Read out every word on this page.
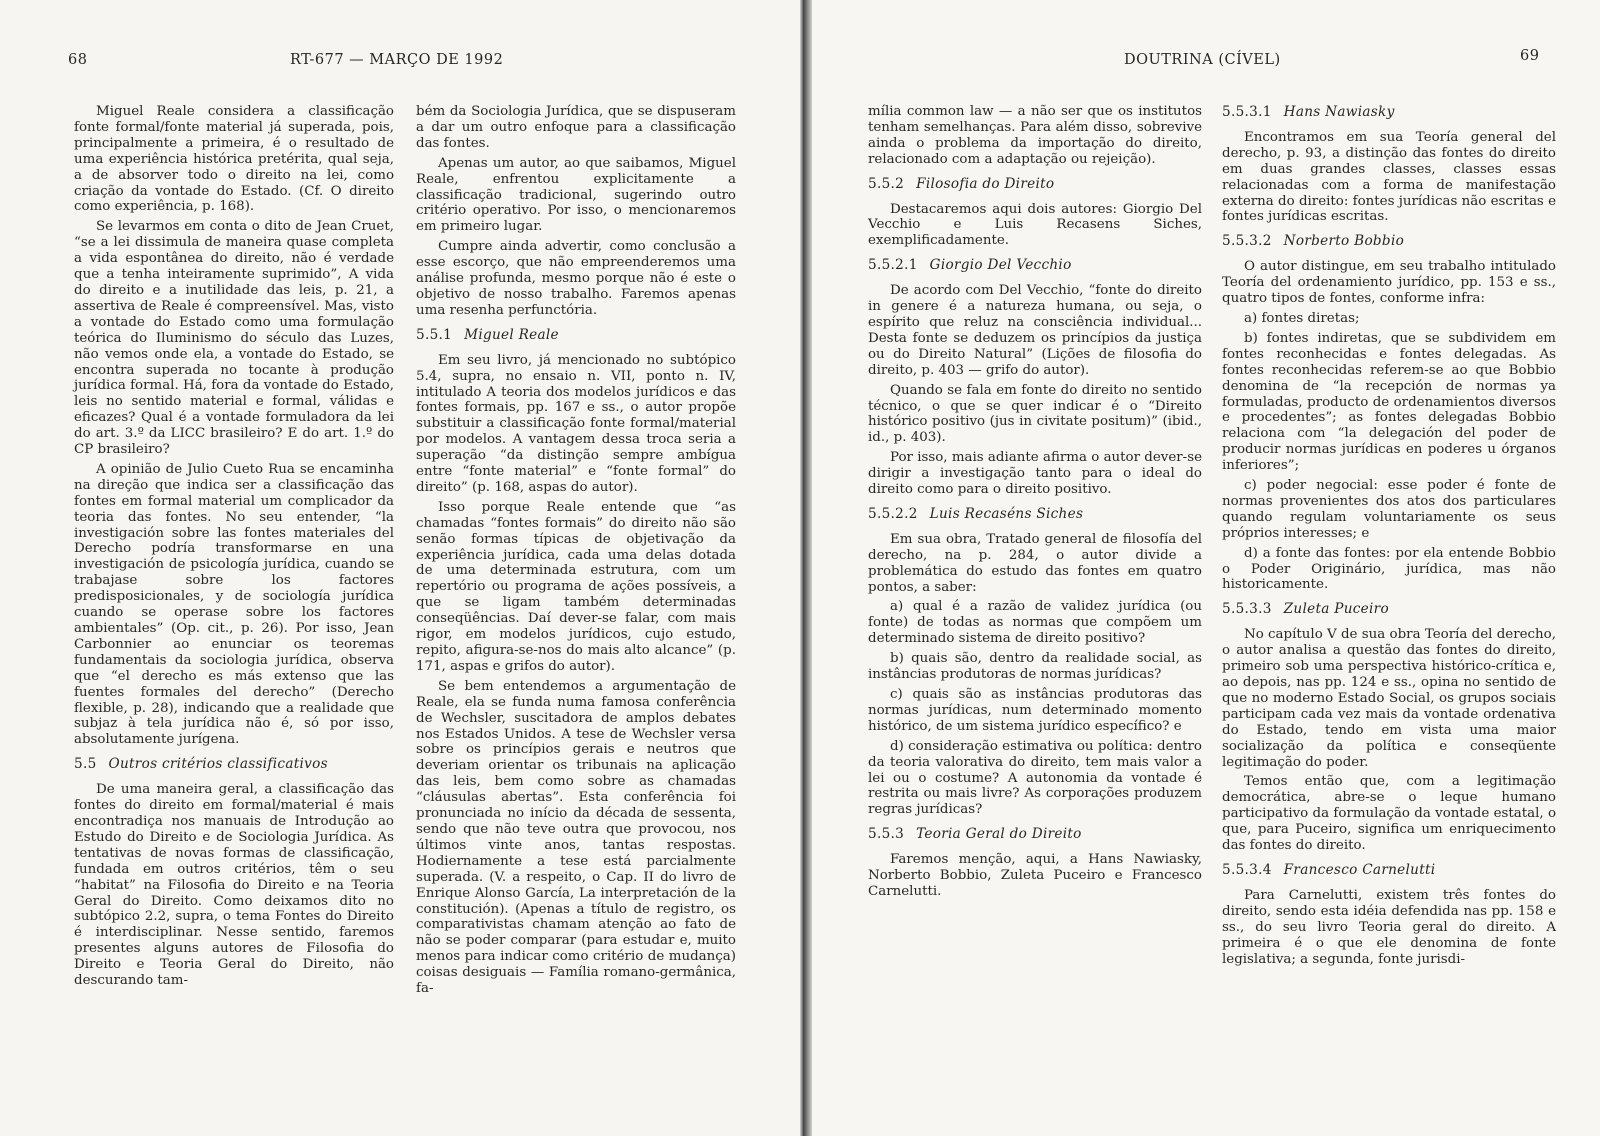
68	RT-677 — MARÇO DE 1992

Miguel Reale considera a classificação fonte formal/fonte material já superada, pois, principalmente a primeira, é o resultado de uma experiência histórica pretérita, qual seja, a de absorver todo o direito na lei, como criação da vontade do Estado. (Cf. O direito como experiência, p. 168).

Se levarmos em conta o dito de Jean Cruet, “se a lei dissimula de maneira quase completa a vida espontânea do direito, não é verdade que a tenha inteiramente suprimido”, A vida do direito e a inutilidade das leis, p. 21, a assertiva de Reale é compreensível. Mas, visto a vontade do Estado como uma formulação teórica do Iluminismo do século das Luzes, não vemos onde ela, a vontade do Estado, se encontra superada no tocante à produção jurídica formal. Há, fora da vontade do Estado, leis no sentido material e formal, válidas e eficazes? Qual é a vontade formuladora da lei do art. 3.º da LICC brasileiro? E do art. 1.º do CP brasileiro?

A opinião de Julio Cueto Rua se encaminha na direção que indica ser a classificação das fontes em formal material um complicador da teoria das fontes. No seu entender, “la investigación sobre las fontes materiales del Derecho podría transformarse en una investigación de psicología jurídica, cuando se trabajase sobre los factores predisposicionales, y de sociología jurídica cuando se operase sobre los factores ambientales” (Op. cit., p. 26). Por isso, Jean Carbonnier ao enunciar os teoremas fundamentais da sociologia jurídica, observa que “el derecho es más extenso que las fuentes formales del derecho” (Derecho flexible, p. 28), indicando que a realidade que subjaz à tela jurídica não é, só por isso, absolutamente jurígena.

5.5 Outros critérios classificativos

De uma maneira geral, a classificação das fontes do direito em formal/material é mais encontradiça nos manuais de Introdução ao Estudo do Direito e de Sociologia Jurídica. As tentativas de novas formas de classificação, fundada em outros critérios, têm o seu “habitat” na Filosofia do Direito e na Teoria Geral do Direito. Como deixamos dito no subtópico 2.2, supra, o tema Fontes do Direito é interdisciplinar. Nesse sentido, faremos presentes alguns autores de Filosofia do Direito e Teoria Geral do Direito, não descurando tam-

bém da Sociologia Jurídica, que se dispuseram a dar um outro enfoque para a classificação das fontes.

Apenas um autor, ao que saibamos, Miguel Reale, enfrentou explicitamente a classificação tradicional, sugerindo outro critério operativo. Por isso, o mencionaremos em primeiro lugar.

Cumpre ainda advertir, como conclusão a esse escorço, que não empreenderemos uma análise profunda, mesmo porque não é este o objetivo de nosso trabalho. Faremos apenas uma resenha perfunctória.

5.5.1 Miguel Reale

Em seu livro, já mencionado no subtópico 5.4, supra, no ensaio n. VII, ponto n. IV, intitulado A teoria dos modelos jurídicos e das fontes formais, pp. 167 e ss., o autor propõe substituir a classificação fonte formal/material por modelos. A vantagem dessa troca seria a superação “da distinção sempre ambígua entre “fonte material” e “fonte formal” do direito” (p. 168, aspas do autor).

Isso porque Reale entende que “as chamadas “fontes formais” do direito não são senão formas típicas de objetivação da experiência jurídica, cada uma delas dotada de uma determinada estrutura, com um repertório ou programa de ações possíveis, a que se ligam também determinadas conseqüências. Daí dever-se falar, com mais rigor, em modelos jurídicos, cujo estudo, repito, afigura-se-nos do mais alto alcance” (p. 171, aspas e grifos do autor).

Se bem entendemos a argumentação de Reale, ela se funda numa famosa conferência de Wechsler, suscitadora de amplos debates nos Estados Unidos. A tese de Wechsler versa sobre os princípios gerais e neutros que deveriam orientar os tribunais na aplicação das leis, bem como sobre as chamadas “cláusulas abertas”. Esta conferência foi pronunciada no início da década de sessenta, sendo que não teve outra que provocou, nos últimos vinte anos, tantas respostas. Hodiernamente a tese está parcialmente superada. (V. a respeito, o Cap. II do livro de Enrique Alonso García, La interpretación de la constitución). (Apenas a título de registro, os comparativistas chamam atenção ao fato de não se poder comparar (para estudar e, muito menos para indicar como critério de mudança) coisas desiguais — Família romano-germânica, fa-

DOUTRINA (CÍVEL)	69

mília common law — a não ser que os institutos tenham semelhanças. Para além disso, sobrevive ainda o problema da importação do direito, relacionado com a adaptação ou rejeição).

5.5.2 Filosofia do Direito

Destacaremos aqui dois autores: Giorgio Del Vecchio e Luis Recasens Siches, exemplificadamente.

5.5.2.1 Giorgio Del Vecchio

De acordo com Del Vecchio, “fonte do direito in genere é a natureza humana, ou seja, o espírito que reluz na consciência individual... Desta fonte se deduzem os princípios da justiça ou do Direito Natural” (Lições de filosofia do direito, p. 403 — grifo do autor).

Quando se fala em fonte do direito no sentido técnico, o que se quer indicar é o “Direito histórico positivo (jus in civitate positum)” (ibid., id., p. 403).

Por isso, mais adiante afirma o autor dever-se dirigir a investigação tanto para o ideal do direito como para o direito positivo.

5.5.2.2 Luis Recaséns Siches

Em sua obra, Tratado general de filosofía del derecho, na p. 284, o autor divide a problemática do estudo das fontes em quatro pontos, a saber:

a) qual é a razão de validez jurídica (ou fonte) de todas as normas que compõem um determinado sistema de direito positivo?

b) quais são, dentro da realidade social, as instâncias produtoras de normas jurídicas?

c) quais são as instâncias produtoras das normas jurídicas, num determinado momento histórico, de um sistema jurídico específico? e

d) consideração estimativa ou política: dentro da teoria valorativa do direito, tem mais valor a lei ou o costume? A autonomia da vontade é restrita ou mais livre? As corporações produzem regras jurídicas?

5.5.3 Teoria Geral do Direito

Faremos menção, aqui, a Hans Nawiasky, Norberto Bobbio, Zuleta Puceiro e Francesco Carnelutti.

5.5.3.1 Hans Nawiasky

Encontramos em sua Teoría general del derecho, p. 93, a distinção das fontes do direito em duas grandes classes, classes essas relacionadas com a forma de manifestação externa do direito: fontes jurídicas não escritas e fontes jurídicas escritas.

5.5.3.2 Norberto Bobbio

O autor distingue, em seu trabalho intitulado Teoría del ordenamiento jurídico, pp. 153 e ss., quatro tipos de fontes, conforme infra:

a) fontes diretas;

b) fontes indiretas, que se subdividem em fontes reconhecidas e fontes delegadas. As fontes reconhecidas referem-se ao que Bobbio denomina de “la recepción de normas ya formuladas, producto de ordenamientos diversos e procedentes”; as fontes delegadas Bobbio relaciona com “la delegación del poder de producir normas jurídicas en poderes u órganos inferiores”;

c) poder negocial: esse poder é fonte de normas provenientes dos atos dos particulares quando regulam voluntariamente os seus próprios interesses; e

d) a fonte das fontes: por ela entende Bobbio o Poder Originário, jurídica, mas não historicamente.

5.5.3.3 Zuleta Puceiro

No capítulo V de sua obra Teoría del derecho, o autor analisa a questão das fontes do direito, primeiro sob uma perspectiva histórico-crítica e, ao depois, nas pp. 124 e ss., opina no sentido de que no moderno Estado Social, os grupos sociais participam cada vez mais da vontade ordenativa do Estado, tendo em vista uma maior socialização da política e conseqüente legitimação do poder.

Temos então que, com a legitimação democrática, abre-se o leque humano participativo da formulação da vontade estatal, o que, para Puceiro, significa um enriquecimento das fontes do direito.

5.5.3.4 Francesco Carnelutti

Para Carnelutti, existem três fontes do direito, sendo esta idéia defendida nas pp. 158 e ss., do seu livro Teoria geral do direito. A primeira é o que ele denomina de fonte legislativa; a segunda, fonte jurisdi-
